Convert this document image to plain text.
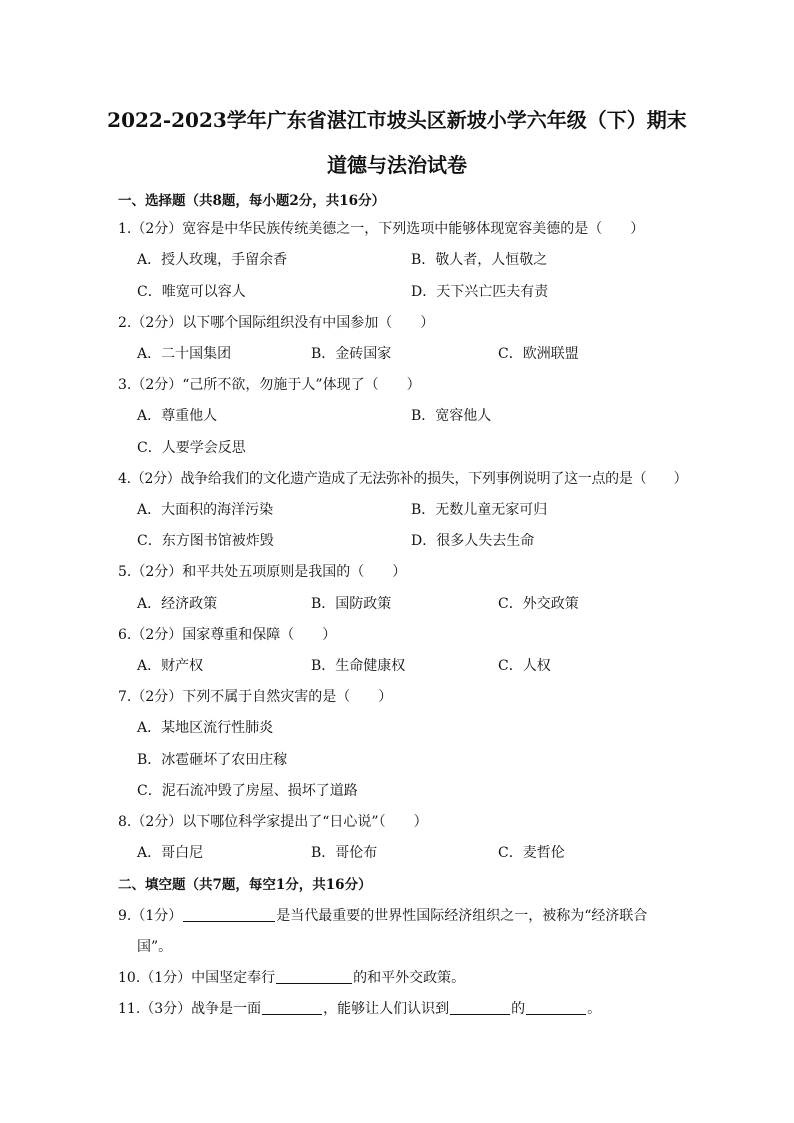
2022-2023学年广东省湛江市坡头区新坡小学六年级（下）期末
道德与法治试卷
一、选择题（共8题，每小题2分，共16分）
1.（2分）宽容是中华民族传统美德之一，下列选项中能够体现宽容美德的是（　　）
A．授人玫瑰，手留余香	B．敬人者，人恒敬之
C．唯宽可以容人	D．天下兴亡匹夫有责
2.（2分）以下哪个国际组织没有中国参加（　　）
A．二十国集团	B．金砖国家	C．欧洲联盟
3.（2分）“己所不欲，勿施于人”体现了（　　）
A．尊重他人	B．宽容他人
C．人要学会反思
4.（2分）战争给我们的文化遗产造成了无法弥补的损失，下列事例说明了这一点的是（　　）
A．大面积的海洋污染	B．无数儿童无家可归
C．东方图书馆被炸毁	D．很多人失去生命
5.（2分）和平共处五项原则是我国的（　　）
A．经济政策	B．国防政策	C．外交政策
6.（2分）国家尊重和保障（　　）
A．财产权	B．生命健康权	C．人权
7.（2分）下列不属于自然灾害的是（　　）
A．某地区流行性肺炎
B．冰雹砸坏了农田庄稼
C．泥石流冲毁了房屋、损坏了道路
8.（2分）以下哪位科学家提出了“日心说”（　　）
A．哥白尼	B．哥伦布	C．麦哲伦
二、填空题（共7题，每空1分，共16分）
9.（1分）	是当代最重要的世界性国际经济组织之一，被称为“经济联合
国”。
10.（1分）中国坚定奉行	的和平外交政策。
11.（3分）战争是一面	，能够让人们认识到	的	。
